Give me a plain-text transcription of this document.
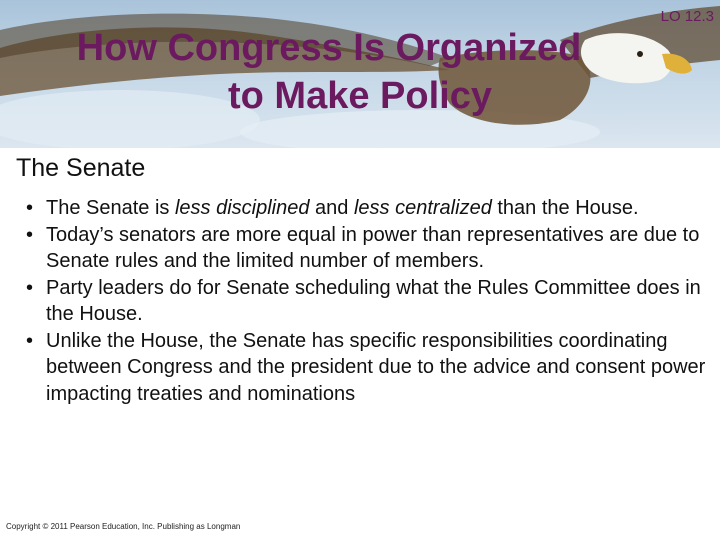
LO 12.3
How Congress Is Organized
to Make Policy
The Senate
• The Senate is less disciplined and less centralized than the House.
• Today’s senators are more equal in power than representatives are due to Senate rules and the limited number of members.
• Party leaders do for Senate scheduling what the Rules Committee does in the House.
• Unlike the House, the Senate has specific responsibilities coordinating between Congress and the president due to the advice and consent power impacting treaties and nominations
Copyright © 2011 Pearson Education, Inc. Publishing as Longman
